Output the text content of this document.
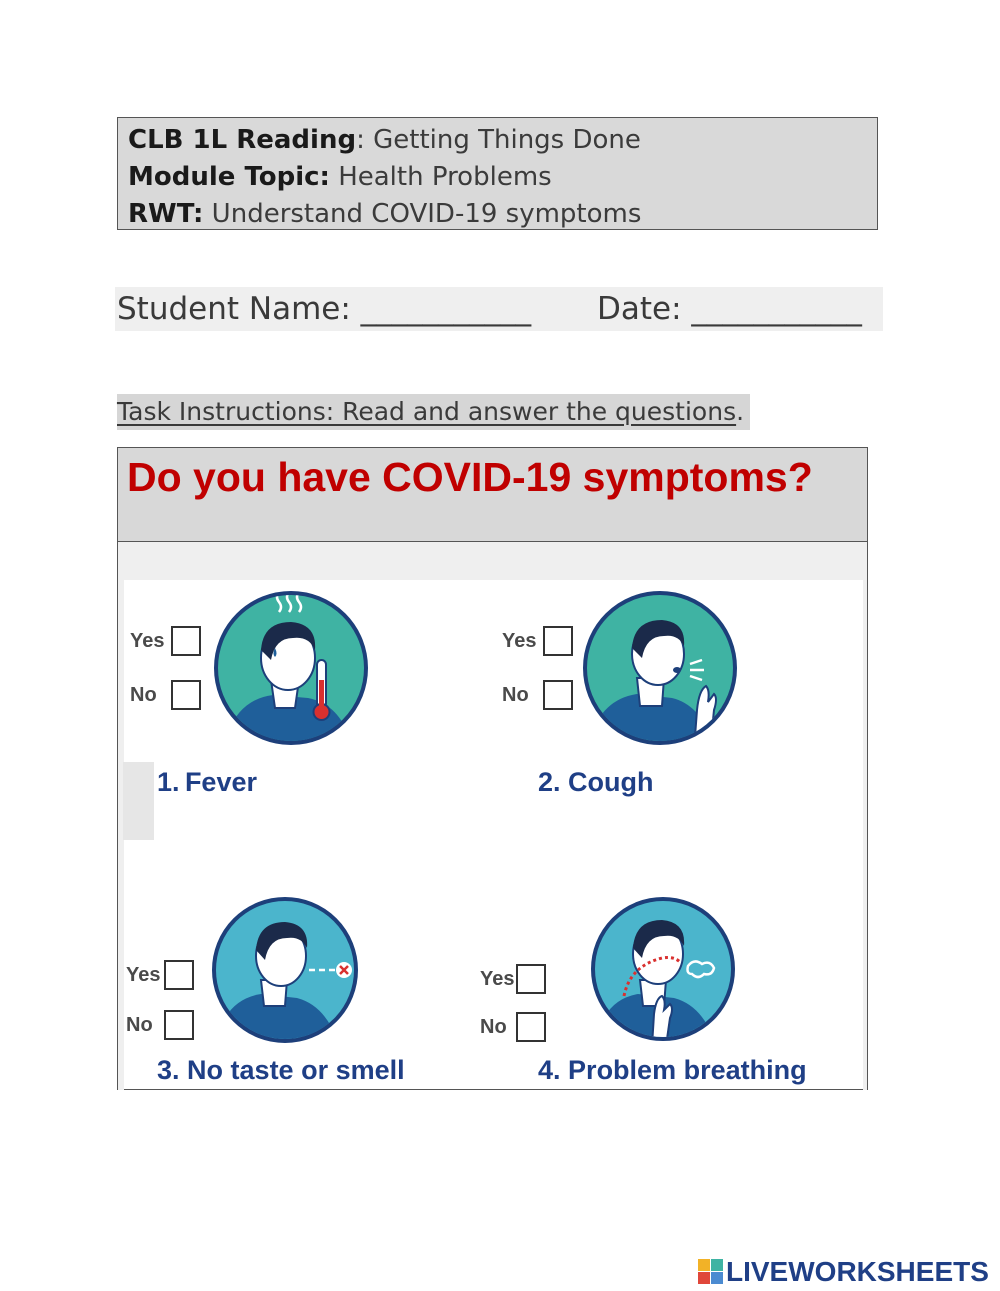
CLB 1L Reading: Getting Things Done
Module Topic: Health Problems
RWT: Understand COVID-19 symptoms
Student Name: ___________ Date: ___________
Task Instructions: Read and answer the questions.
Do you have COVID-19 symptoms?
Yes
No
1.  Fever
Yes
No
2. Cough
Yes
No
3. No taste or smell
Yes
No
4. Problem breathing
LIVEWORKSHEETS
